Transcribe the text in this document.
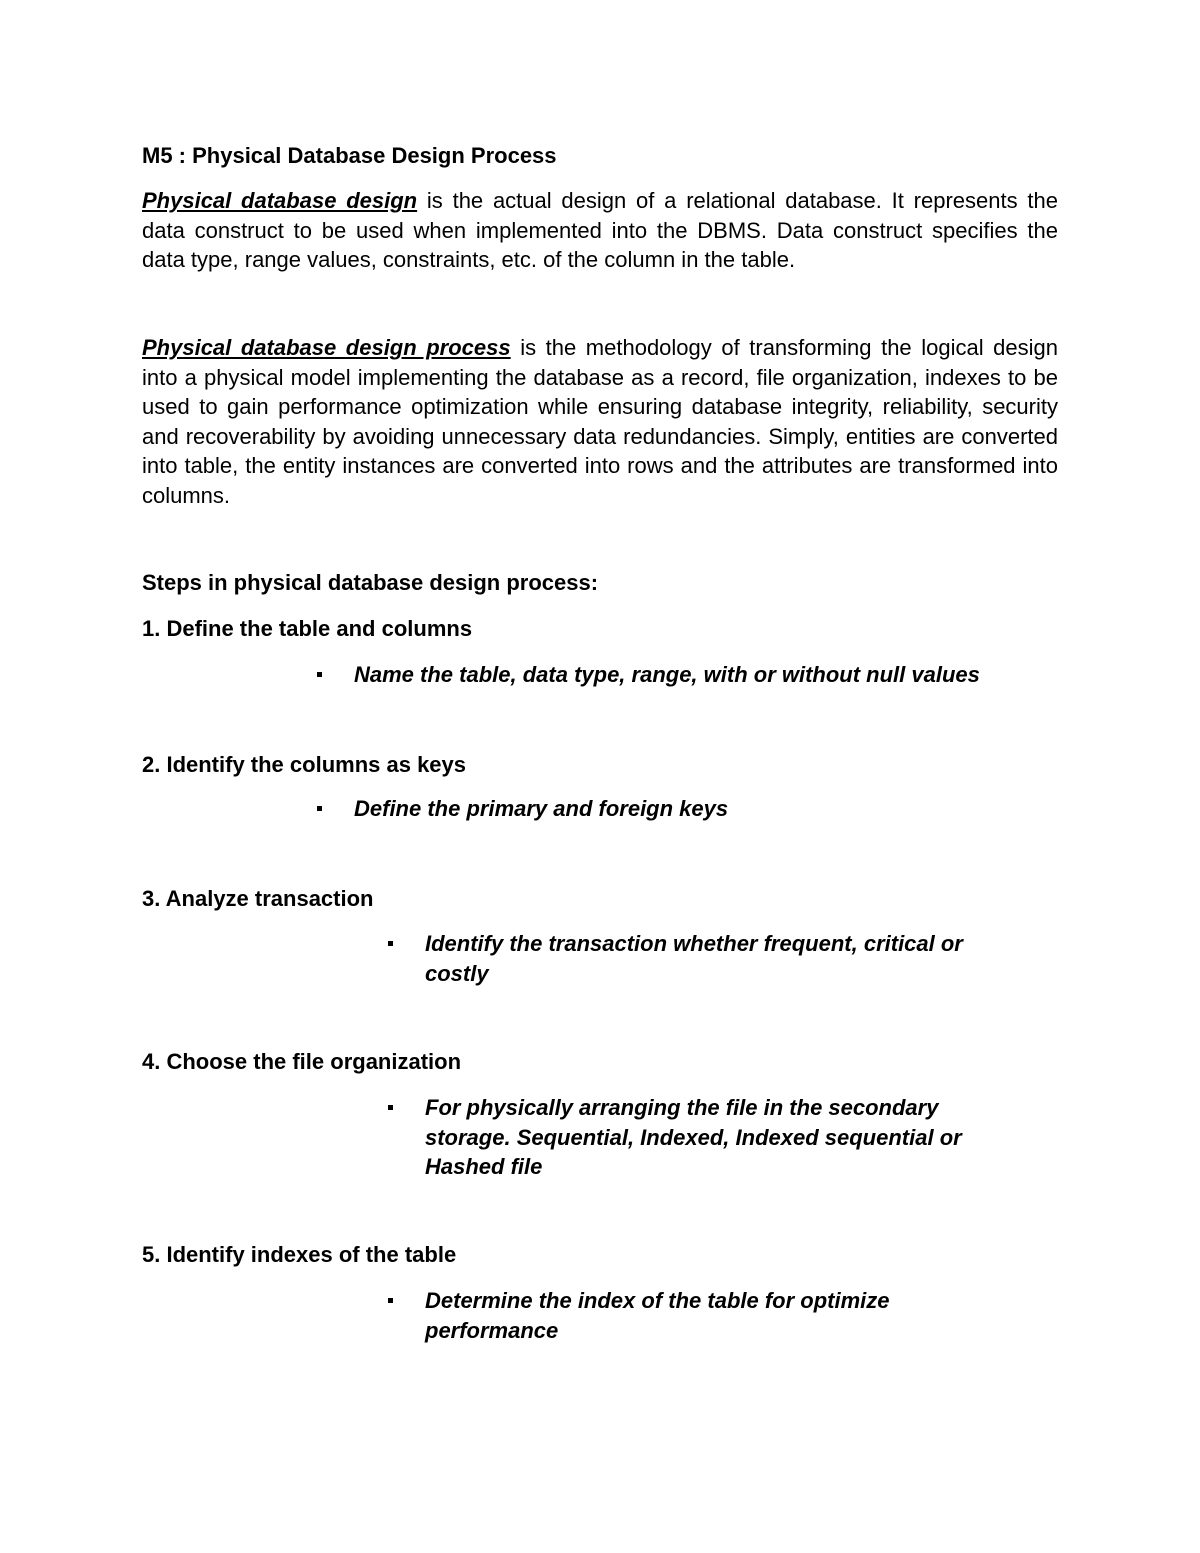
M5 : Physical Database Design Process
Physical database design is the actual design of a relational database. It represents the data construct to be used when implemented into the DBMS. Data construct specifies the data type, range values, constraints, etc. of the column in the table.
Physical database design process is the methodology of transforming the logical design into a physical model implementing the database as a record, file organization, indexes to be used to gain performance optimization while ensuring database integrity, reliability, security and recoverability by avoiding unnecessary data redundancies. Simply, entities are converted into table, the entity instances are converted into rows and the attributes are transformed into columns.
Steps in physical database design process:
1. Define the table and columns
Name the table, data type, range, with or without null values
2. Identify the columns as keys
Define the primary and foreign keys
3. Analyze transaction
Identify the transaction whether frequent, critical or costly
4. Choose the file organization
For physically arranging the file in the secondary storage. Sequential, Indexed, Indexed sequential or Hashed file
5. Identify indexes of the table
Determine the index of the table for optimize performance
